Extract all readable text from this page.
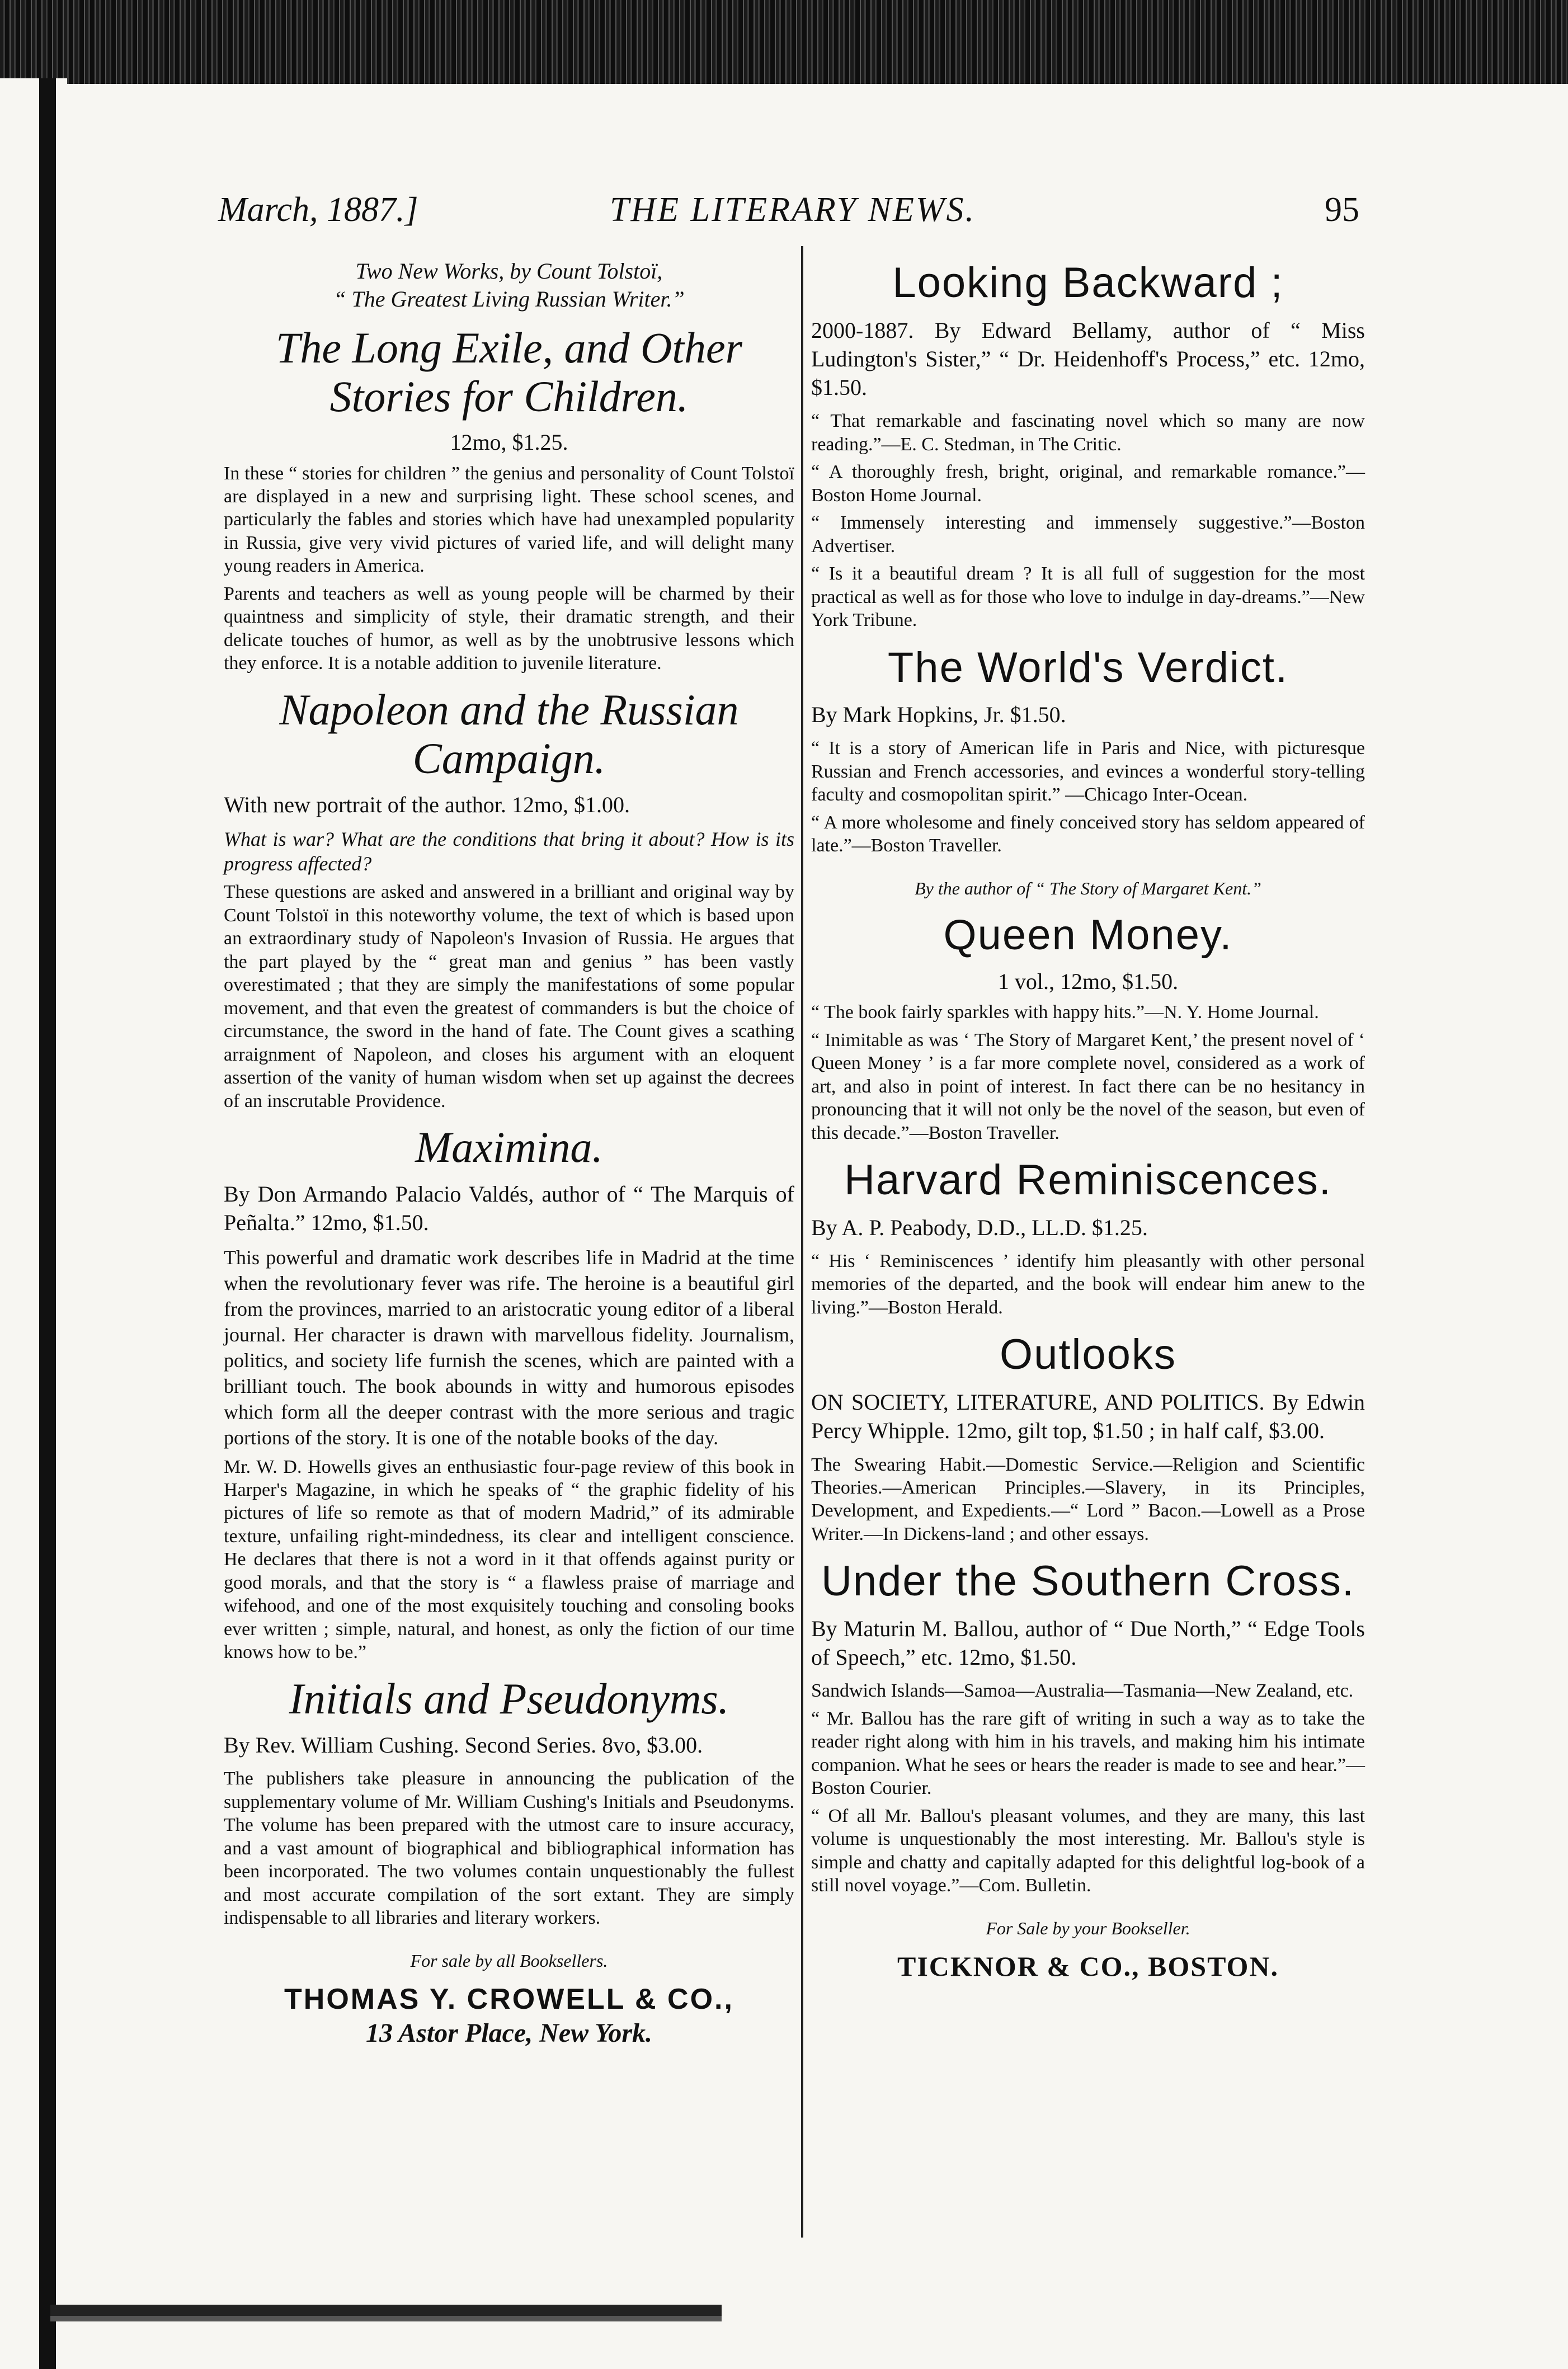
March, 1887.]	THE LITERARY NEWS.	95
Two New Works, by Count Tolstoï,
“ The Greatest Living Russian Writer.”
The Long Exile, and Other Stories for Children.
12mo, $1.25.

In these “ stories for children ” the genius and personality of Count Tolstoï are displayed in a new and surprising light. These school scenes, and particularly the fables and stories which have had unexampled popularity in Russia, give very vivid pictures of varied life, and will delight many young readers in America.

Parents and teachers as well as young people will be charmed by their quaintness and simplicity of style, their dramatic strength, and their delicate touches of humor, as well as by the unobtrusive lessons which they enforce. It is a notable addition to juvenile literature.

Napoleon and the Russian Campaign.
With new portrait of the author. 12mo, $1.00.

What is war? What are the conditions that bring it about? How is its progress affected?

These questions are asked and answered in a brilliant and original way by Count Tolstoï in this noteworthy volume, the text of which is based upon an extraordinary study of Napoleon's Invasion of Russia. He argues that the part played by the “ great man and genius ” has been vastly overestimated ; that they are simply the manifestations of some popular movement, and that even the greatest of commanders is but the choice of circumstance, the sword in the hand of fate. The Count gives a scathing arraignment of Napoleon, and closes his argument with an eloquent assertion of the vanity of human wisdom when set up against the decrees of an inscrutable Providence.

Maximina.
By Don Armando Palacio Valdés, author of “ The Marquis of Peñalta.” 12mo, $1.50.

This powerful and dramatic work describes life in Madrid at the time when the revolutionary fever was rife. The heroine is a beautiful girl from the provinces, married to an aristocratic young editor of a liberal journal. Her character is drawn with marvellous fidelity. Journalism, politics, and society life furnish the scenes, which are painted with a brilliant touch. The book abounds in witty and humorous episodes which form all the deeper contrast with the more serious and tragic portions of the story. It is one of the notable books of the day.

Mr. W. D. Howells gives an enthusiastic four-page review of this book in Harper's Magazine, in which he speaks of “ the graphic fidelity of his pictures of life so remote as that of modern Madrid,” of its admirable texture, unfailing right-mindedness, its clear and intelligent conscience. He declares that there is not a word in it that offends against purity or good morals, and that the story is “ a flawless praise of marriage and wifehood, and one of the most exquisitely touching and consoling books ever written ; simple, natural, and honest, as only the fiction of our time knows how to be.”

Initials and Pseudonyms.
By Rev. William Cushing. Second Series. 8vo, $3.00.

The publishers take pleasure in announcing the publication of the supplementary volume of Mr. William Cushing's Initials and Pseudonyms. The volume has been prepared with the utmost care to insure accuracy, and a vast amount of biographical and bibliographical information has been incorporated. The two volumes contain unquestionably the fullest and most accurate compilation of the sort extant. They are simply indispensable to all libraries and literary workers.

For sale by all Booksellers.
THOMAS Y. CROWELL & CO.,
13 Astor Place, New York.
Looking Backward ;
2000-1887. By Edward Bellamy, author of “ Miss Ludington's Sister,” “ Dr. Heidenhoff's Process,” etc. 12mo, $1.50.

“ That remarkable and fascinating novel which so many are now reading.”—E. C. Stedman, in The Critic.

“ A thoroughly fresh, bright, original, and remarkable romance.”—Boston Home Journal.

“ Immensely interesting and immensely suggestive.”—Boston Advertiser.

“ Is it a beautiful dream ? It is all full of suggestion for the most practical as well as for those who love to indulge in day-dreams.”—New York Tribune.

The World's Verdict.
By Mark Hopkins, Jr. $1.50.

“ It is a story of American life in Paris and Nice, with picturesque Russian and French accessories, and evinces a wonderful story-telling faculty and cosmopolitan spirit.” —Chicago Inter-Ocean.

“ A more wholesome and finely conceived story has seldom appeared of late.”—Boston Traveller.

By the author of “ The Story of Margaret Kent.”
Queen Money.
1 vol., 12mo, $1.50.

“ The book fairly sparkles with happy hits.”—N. Y. Home Journal.

“ Inimitable as was ‘ The Story of Margaret Kent,’ the present novel of ‘ Queen Money ’ is a far more complete novel, considered as a work of art, and also in point of interest. In fact there can be no hesitancy in pronouncing that it will not only be the novel of the season, but even of this decade.”—Boston Traveller.

Harvard Reminiscences.
By A. P. Peabody, D.D., LL.D. $1.25.

“ His ‘ Reminiscences ’ identify him pleasantly with other personal memories of the departed, and the book will endear him anew to the living.”—Boston Herald.

Outlooks
ON SOCIETY, LITERATURE, AND POLITICS. By Edwin Percy Whipple. 12mo, gilt top, $1.50 ; in half calf, $3.00.

The Swearing Habit.—Domestic Service.—Religion and Scientific Theories.—American Principles.—Slavery, in its Principles, Development, and Expedients.—“ Lord ” Bacon.—Lowell as a Prose Writer.—In Dickens-land ; and other essays.

Under the Southern Cross.
By Maturin M. Ballou, author of “ Due North,” “ Edge Tools of Speech,” etc. 12mo, $1.50.

Sandwich Islands—Samoa—Australia—Tasmania—New Zealand, etc.

“ Mr. Ballou has the rare gift of writing in such a way as to take the reader right along with him in his travels, and making him his intimate companion. What he sees or hears the reader is made to see and hear.”—Boston Courier.

“ Of all Mr. Ballou's pleasant volumes, and they are many, this last volume is unquestionably the most interesting. Mr. Ballou's style is simple and chatty and capitally adapted for this delightful log-book of a still novel voyage.”—Com. Bulletin.

For Sale by your Bookseller.
TICKNOR & CO., BOSTON.
